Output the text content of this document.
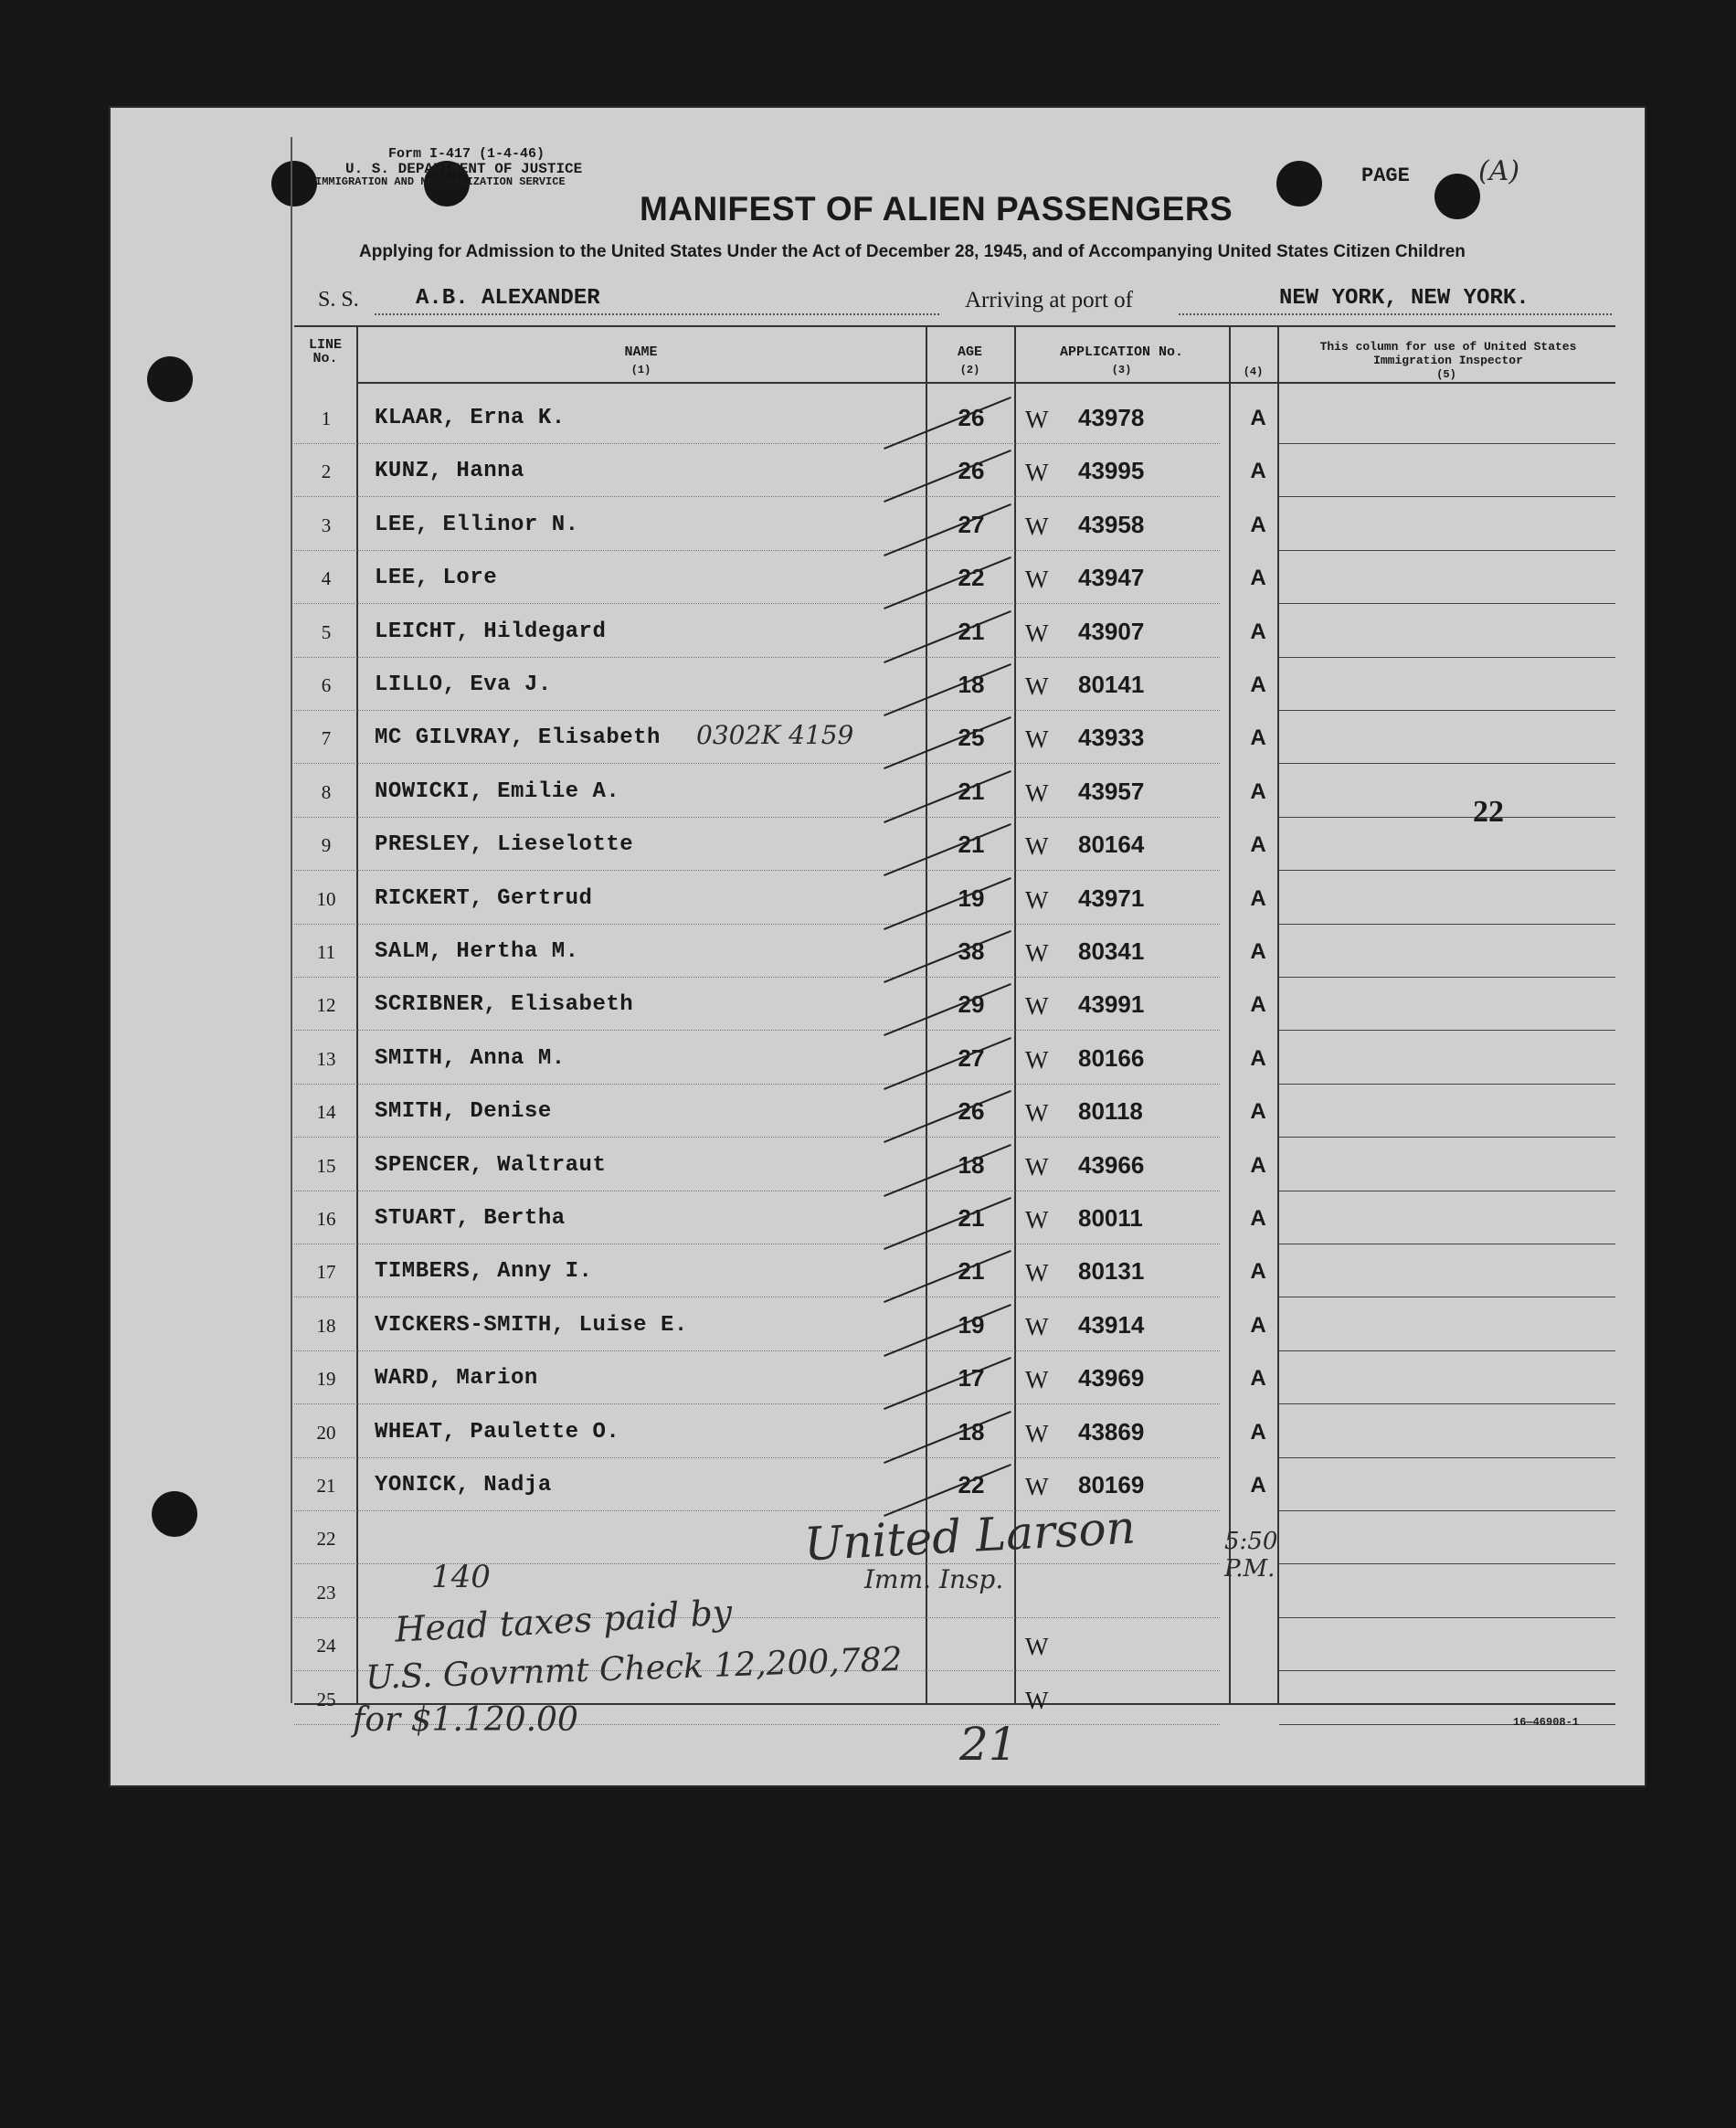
Form I-417 (1-4-46)
U. S. DEPARTMENT OF JUSTICE
IMMIGRATION AND NATURALIZATION SERVICE
MANIFEST OF ALIEN PASSENGERS
Applying for Admission to the United States Under the Act of December 28, 1945, and of Accompanying United States Citizen Children
PAGE	(A)
S. S.	A.B. ALEXANDER	Arriving at port of	NEW YORK, NEW YORK.
LINE No.	NAME
(1)
AGE
(2)
APPLICATION No.
(3)	(4)
This column for use of United States Immigration Inspector
(5)
1	KLAAR, Erna K.	26	W 43978	A
2	KUNZ, Hanna	26	W 43995	A
3	LEE, Ellinor N.	27	W 43958	A
4	LEE, Lore	22	W 43947	A
5	LEICHT, Hildegard	21	W 43907	A
6	LILLO, Eva J.	18	W 80141	A
7	MC GILVRAY, Elisabeth	25	W 43933	A
8	NOWICKI, Emilie A.	21	W 43957	A
9	PRESLEY, Lieselotte	21	W 80164	A
10	RICKERT, Gertrud	19	W 43971	A
11	SALM, Hertha M.	38	W 80341	A
12	SCRIBNER, Elisabeth	29	W 43991	A
13	SMITH, Anna M.	27	W 80166	A
14	SMITH, Denise	26	W 80118	A
15	SPENCER, Waltraut	18	W 43966	A
16	STUART, Bertha	21	W 80011	A
17	TIMBERS, Anny I.	21	W 80131	A
18	VICKERS-SMITH, Luise E.	19	W 43914	A
19	WARD, Marion	17	W 43969	A
20	WHEAT, Paulette O.	18	W 43869	A
21	YONICK, Nadja	22	W 80169	A
22
23
24	W
25	W
0302K 4159
22
140
Head taxes paid by
U.S. Govrnmt Check 12,200,782
for $1.120.00
United Larson
Imm. Insp.
5:50 P.M.
21	16—46908-1
